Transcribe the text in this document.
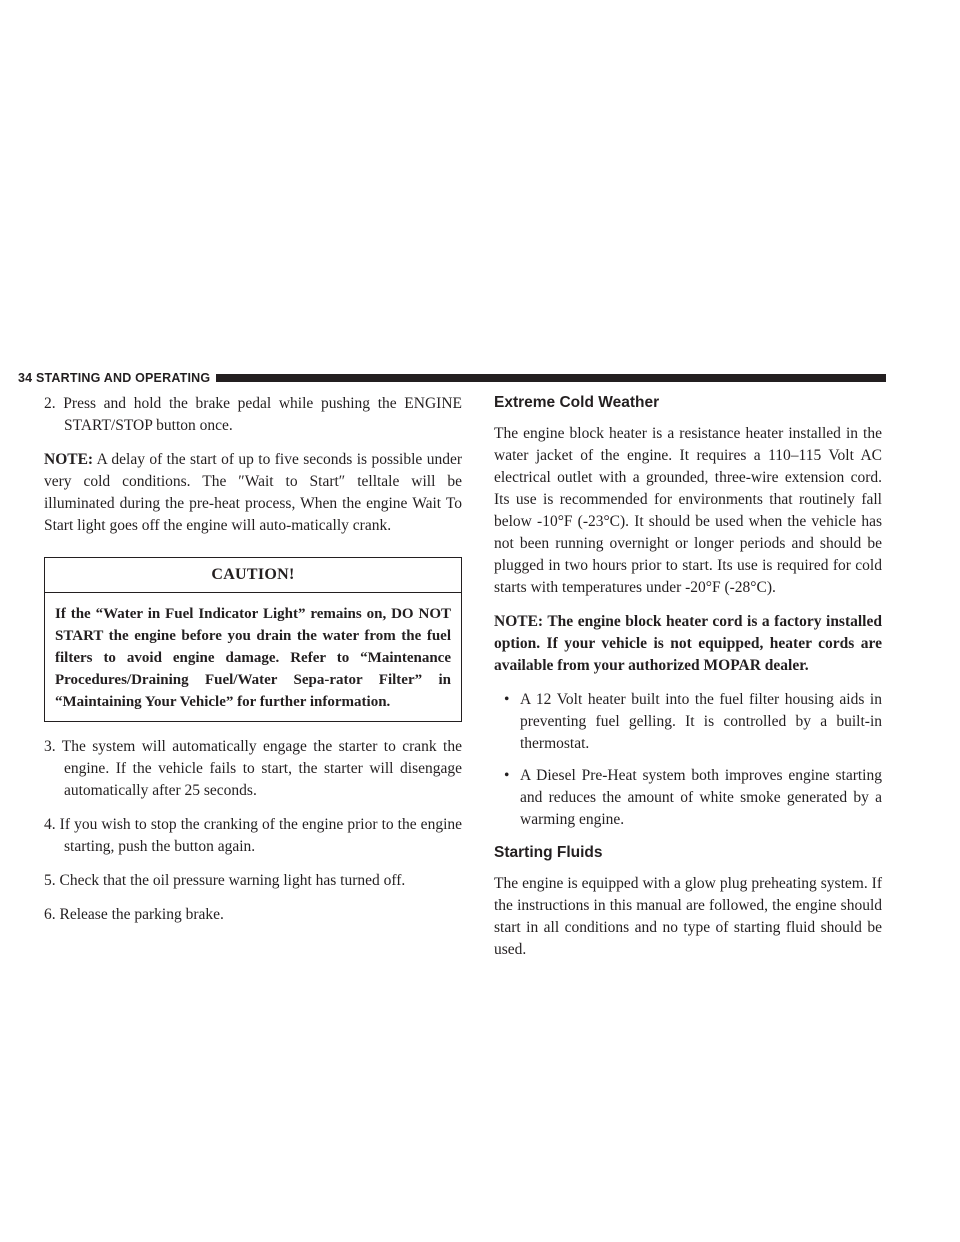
34 STARTING AND OPERATING

2. Press and hold the brake pedal while pushing the ENGINE START/STOP button once.

NOTE: A delay of the start of up to five seconds is possible under very cold conditions. The ″Wait to Start″ telltale will be illuminated during the pre-heat process, When the engine Wait To Start light goes off the engine will auto-matically crank.

CAUTION!
If the “Water in Fuel Indicator Light” remains on, DO NOT START the engine before you drain the water from the fuel filters to avoid engine damage. Refer to “Maintenance Procedures/Draining Fuel/Water Sepa-rator Filter” in “Maintaining Your Vehicle” for further information.

3. The system will automatically engage the starter to crank the engine. If the vehicle fails to start, the starter will disengage automatically after 25 seconds.

4. If you wish to stop the cranking of the engine prior to the engine starting, push the button again.

5. Check that the oil pressure warning light has turned off.

6. Release the parking brake.

Extreme Cold Weather

The engine block heater is a resistance heater installed in the water jacket of the engine. It requires a 110–115 Volt AC electrical outlet with a grounded, three-wire extension cord. Its use is recommended for environments that routinely fall below -10°F (-23°C). It should be used when the vehicle has not been running overnight or longer periods and should be plugged in two hours prior to start. Its use is required for cold starts with temperatures under -20°F (-28°C).

NOTE: The engine block heater cord is a factory installed option. If your vehicle is not equipped, heater cords are available from your authorized MOPAR dealer.

• A 12 Volt heater built into the fuel filter housing aids in preventing fuel gelling. It is controlled by a built-in thermostat.
• A Diesel Pre-Heat system both improves engine starting and reduces the amount of white smoke generated by a warming engine.
Starting Fluids

The engine is equipped with a glow plug preheating system. If the instructions in this manual are followed, the engine should start in all conditions and no type of starting fluid should be used.
